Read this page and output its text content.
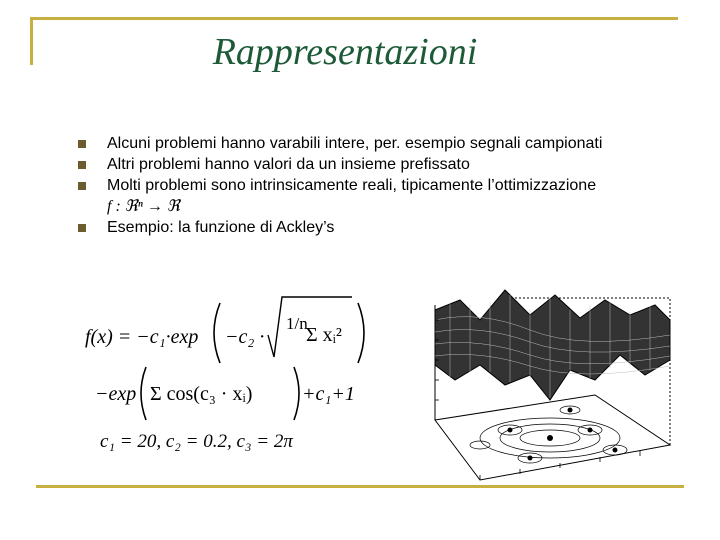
Rappresentazioni
Alcuni problemi hanno varabili intere, per. esempio segnali campionati
Altri problemi hanno valori da un insieme prefissato
Molti problemi sono intrinsicamente reali, tipicamente l’ottimizzazione
f : ℜⁿ → ℜ
Esempio: la funzione di Ackley’s
f(x) = −c₁·exp −c₂ ·
1/n
Σ xᵢ²
−exp Σ cos(c₃ · xᵢ) +c₁+1
c₁ = 20, c₂ = 0.2, c₃ = 2π
